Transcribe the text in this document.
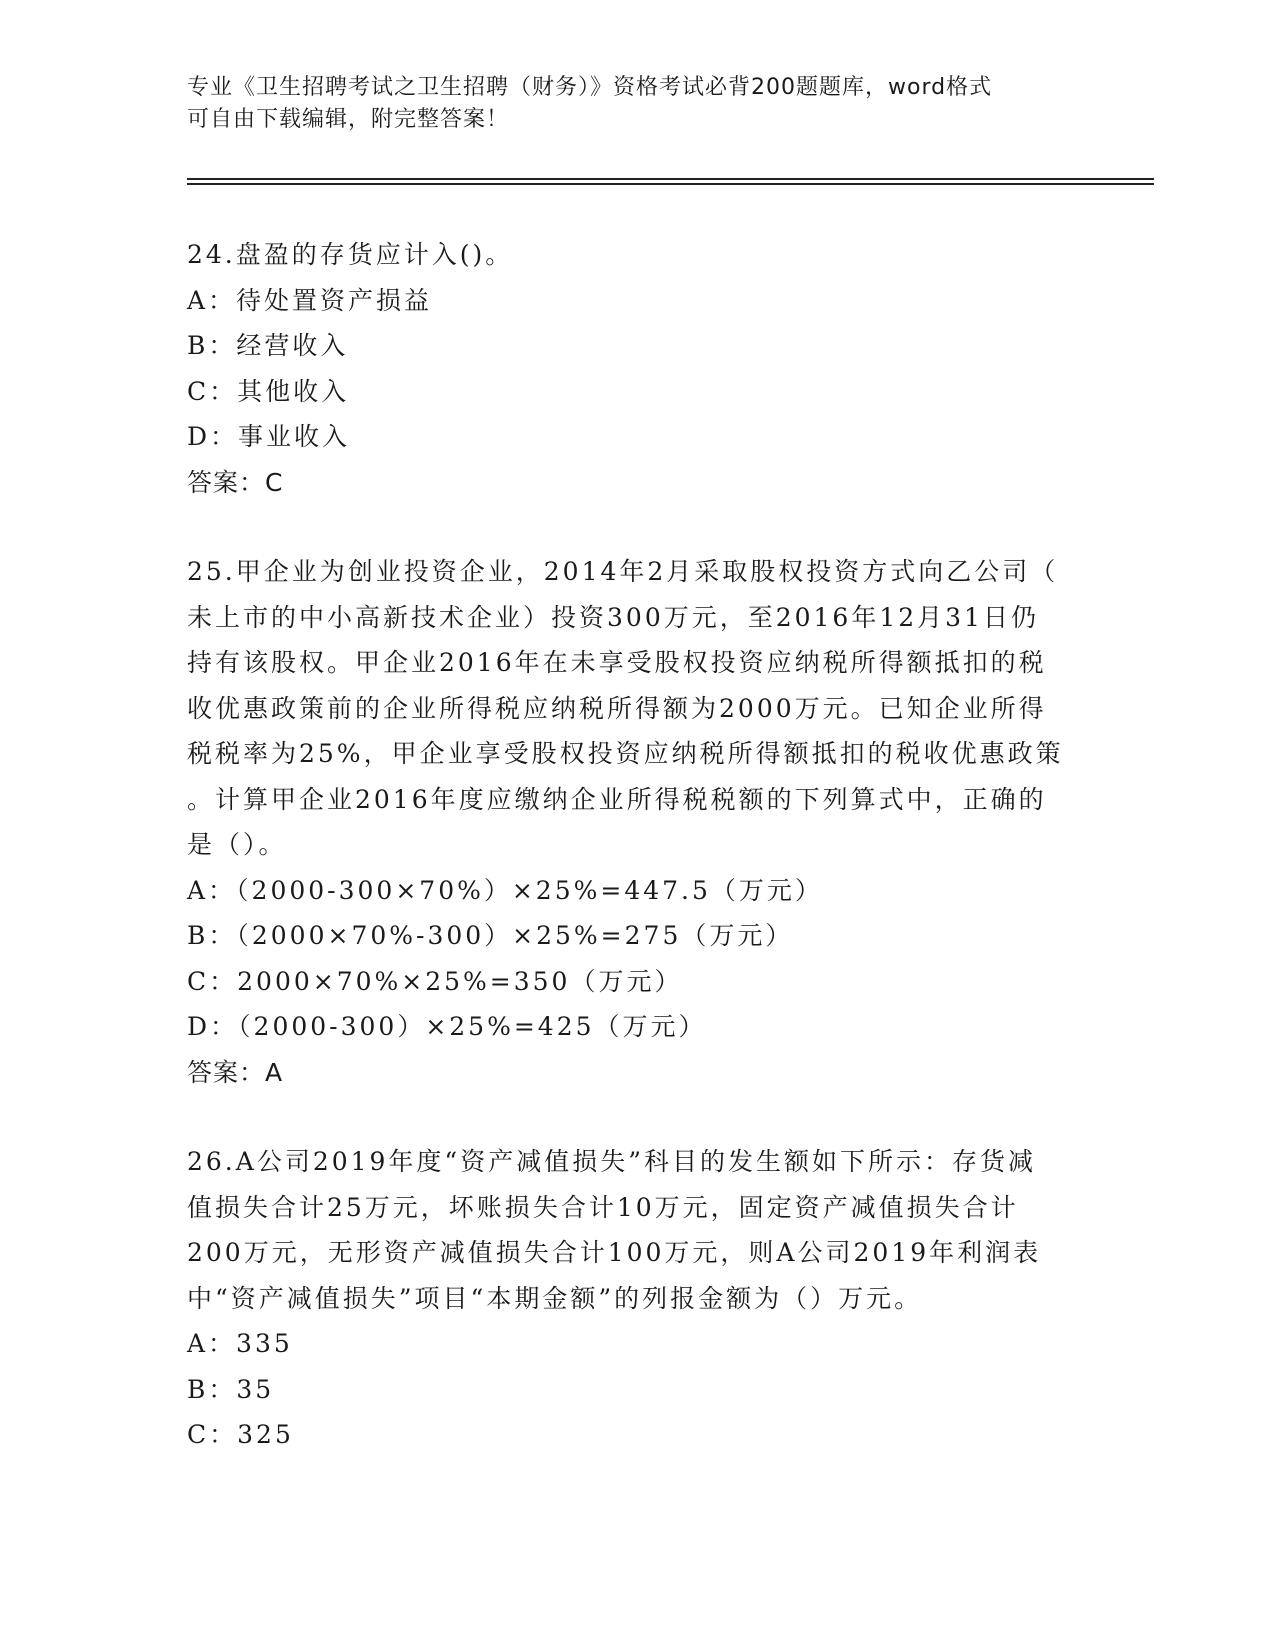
专业《卫生招聘考试之卫生招聘（财务）》资格考试必背200题题库，word格式

可自由下载编辑，附完整答案！

24.盘盈的存货应计入()。
A：待处置资产损益
B：经营收入
C：其他收入
D：事业收入
答案：C
25.甲企业为创业投资企业，2014年2月采取股权投资方式向乙公司（
未上市的中小高新技术企业）投资300万元，至2016年12月31日仍
持有该股权。甲企业2016年在未享受股权投资应纳税所得额抵扣的税
收优惠政策前的企业所得税应纳税所得额为2000万元。已知企业所得
税税率为25%，甲企业享受股权投资应纳税所得额抵扣的税收优惠政策
。计算甲企业2016年度应缴纳企业所得税税额的下列算式中，正确的
是（）。
A：（2000-300×70%）×25%=447.5（万元）
B：（2000×70%-300）×25%=275（万元）
C：2000×70%×25%=350（万元）
D：（2000-300）×25%=425（万元）
答案：A
26.A公司2019年度“资产减值损失”科目的发生额如下所示：存货减
值损失合计25万元，坏账损失合计10万元，固定资产减值损失合计
200万元，无形资产减值损失合计100万元，则A公司2019年利润表
中“资产减值损失”项目“本期金额”的列报金额为（）万元。
A：335
B：35
C：325
